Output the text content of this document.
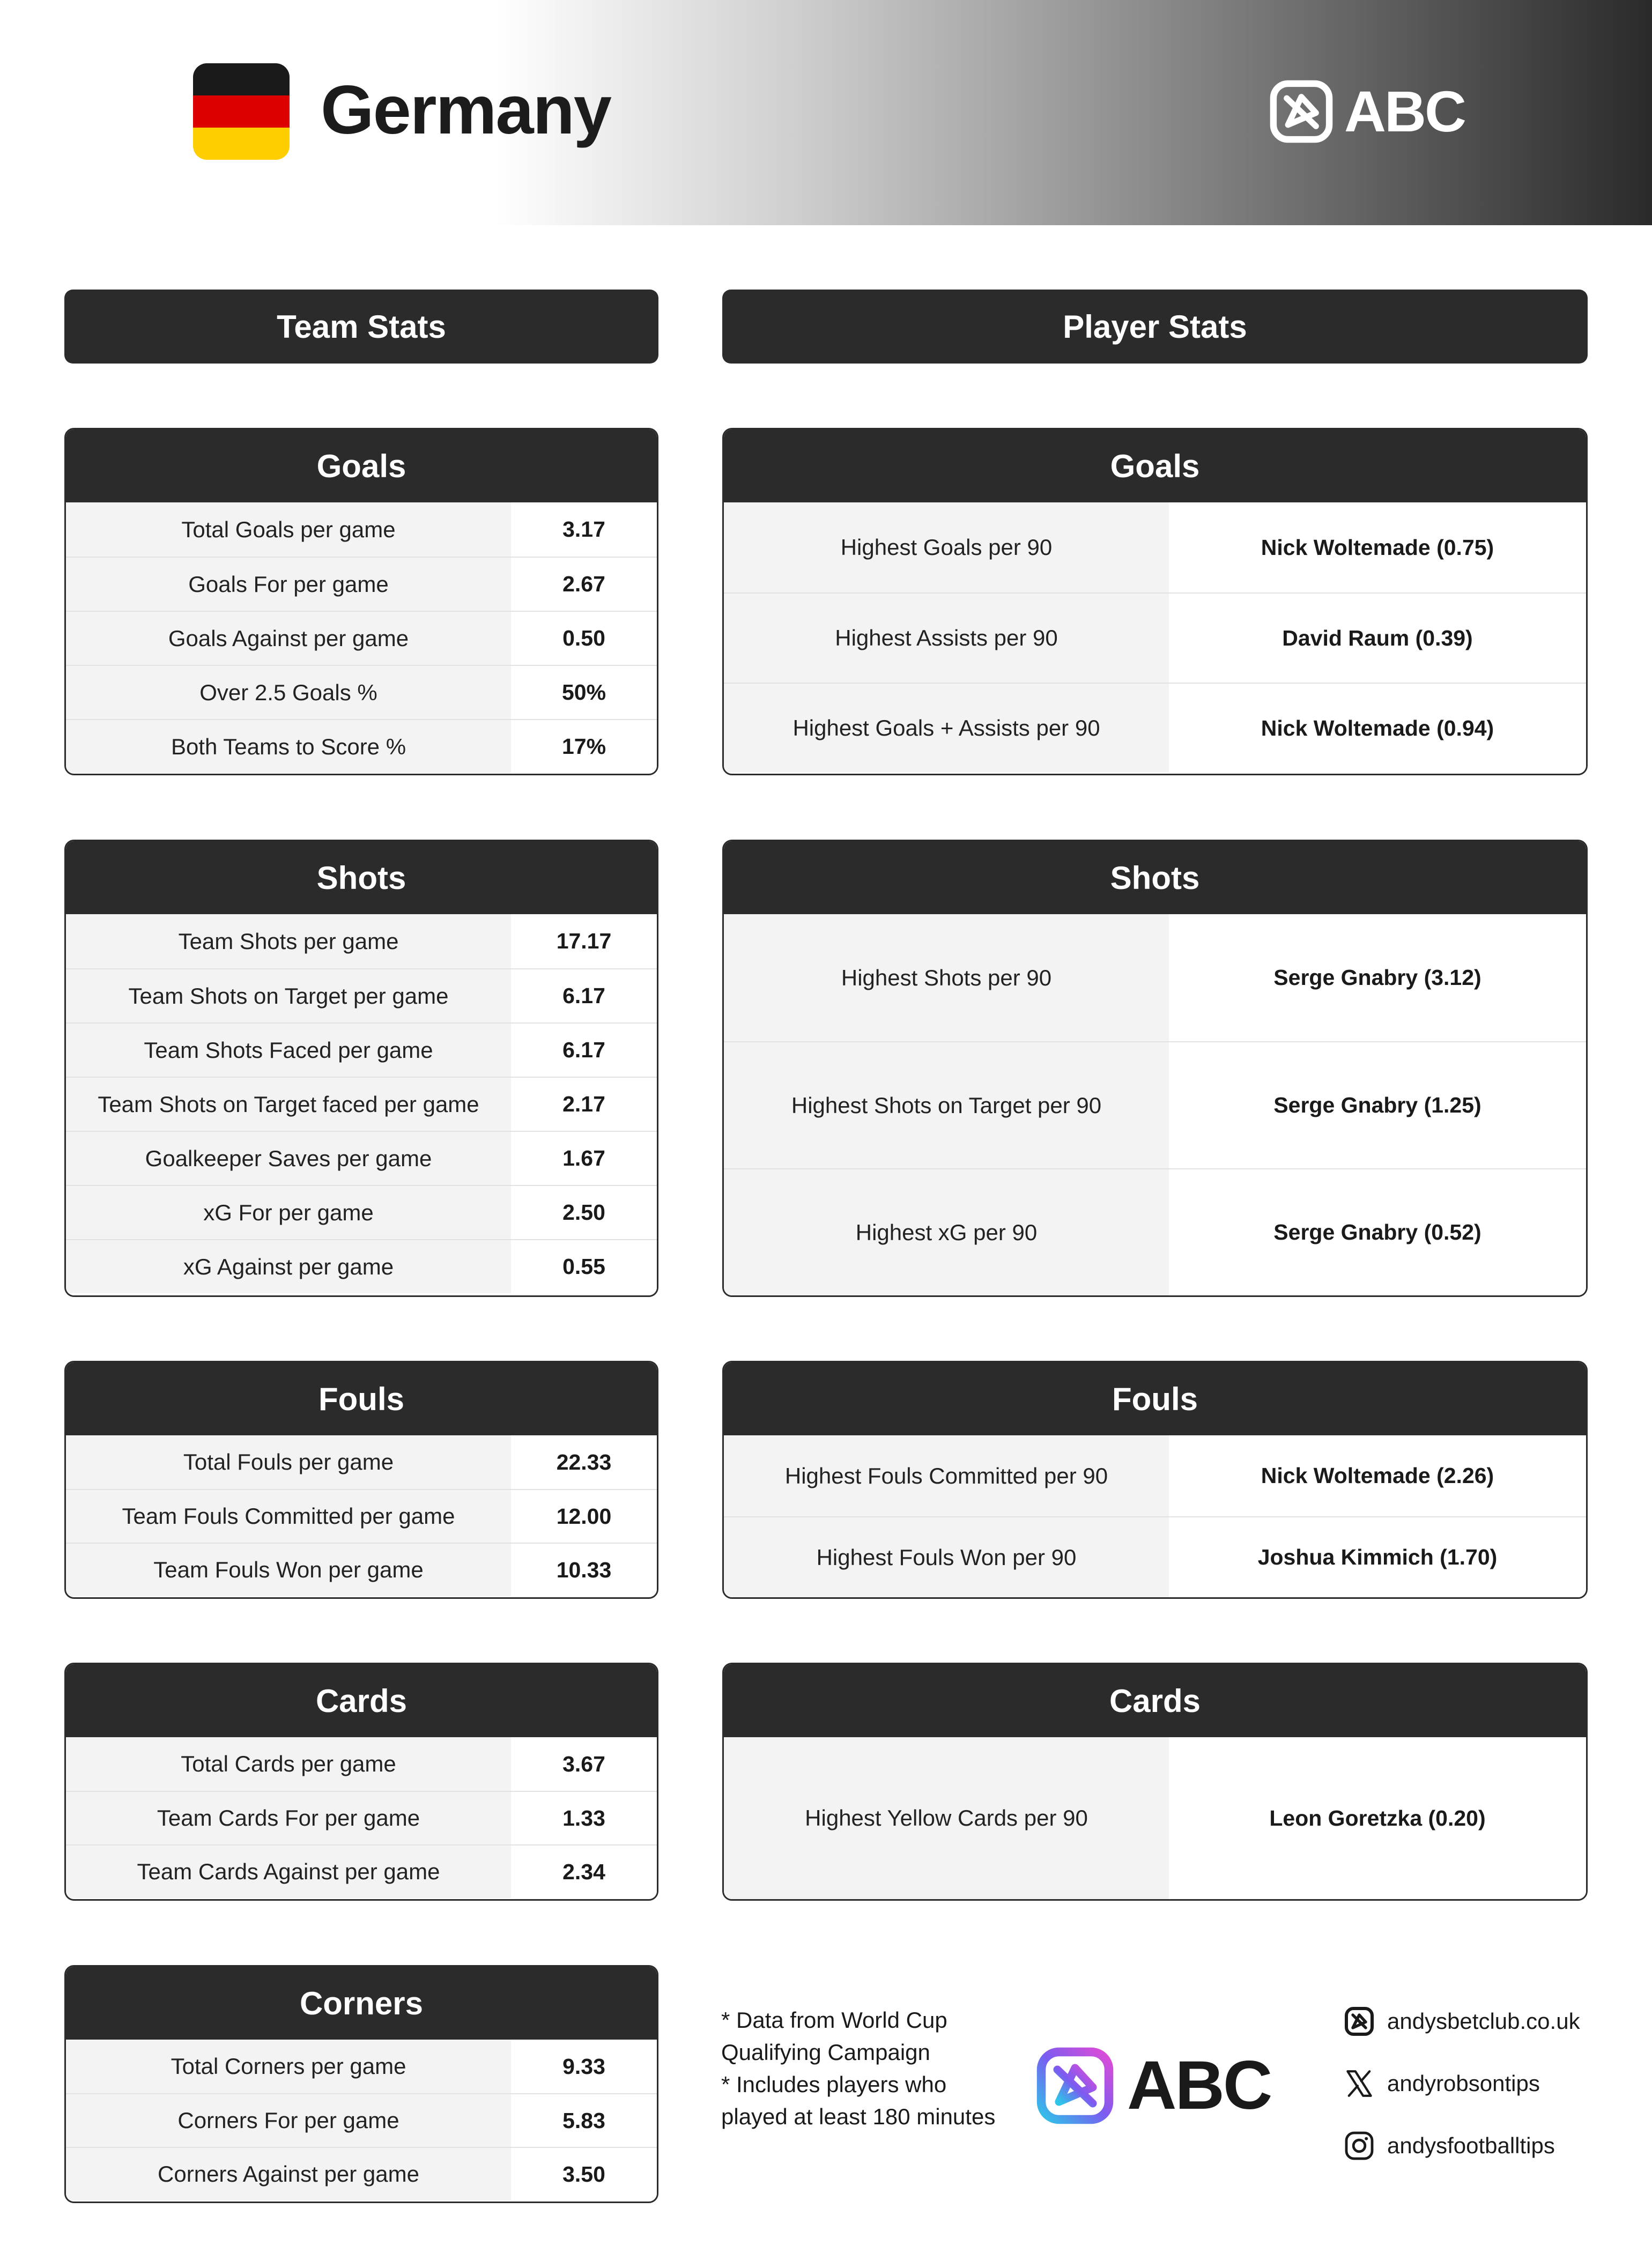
Germany	ABC
Team Stats	Player Stats
Goals
Total Goals per game	3.17
Goals For per game	2.67
Goals Against per game	0.50
Over 2.5 Goals %	50%
Both Teams to Score %	17%
Shots
Team Shots per game	17.17
Team Shots on Target per game	6.17
Team Shots Faced per game	6.17
Team Shots on Target faced per game	2.17
Goalkeeper Saves per game	1.67
xG For per game	2.50
xG Against per game	0.55
Fouls
Total Fouls per game	22.33
Team Fouls Committed per game	12.00
Team Fouls Won per game	10.33
Cards
Total Cards per game	3.67
Team Cards For per game	1.33
Team Cards Against per game	2.34
Corners
Total Corners per game	9.33
Corners For per game	5.83
Corners Against per game	3.50
Goals
Highest Goals per 90	Nick Woltemade (0.75)
Highest Assists per 90	David Raum (0.39)
Highest Goals + Assists per 90	Nick Woltemade (0.94)
Shots
Highest Shots per 90	Serge Gnabry (3.12)
Highest Shots on Target per 90	Serge Gnabry (1.25)
Highest xG per 90	Serge Gnabry (0.52)
Fouls
Highest Fouls Committed per 90	Nick Woltemade (2.26)
Highest Fouls Won per 90	Joshua Kimmich (1.70)
Cards
Highest Yellow Cards per 90	Leon Goretzka (0.20)
* Data from World Cup Qualifying Campaign
* Includes players who played at least 180 minutes ABC
andysbetclub.co.uk
andyrobsontips
andysfootballtips
